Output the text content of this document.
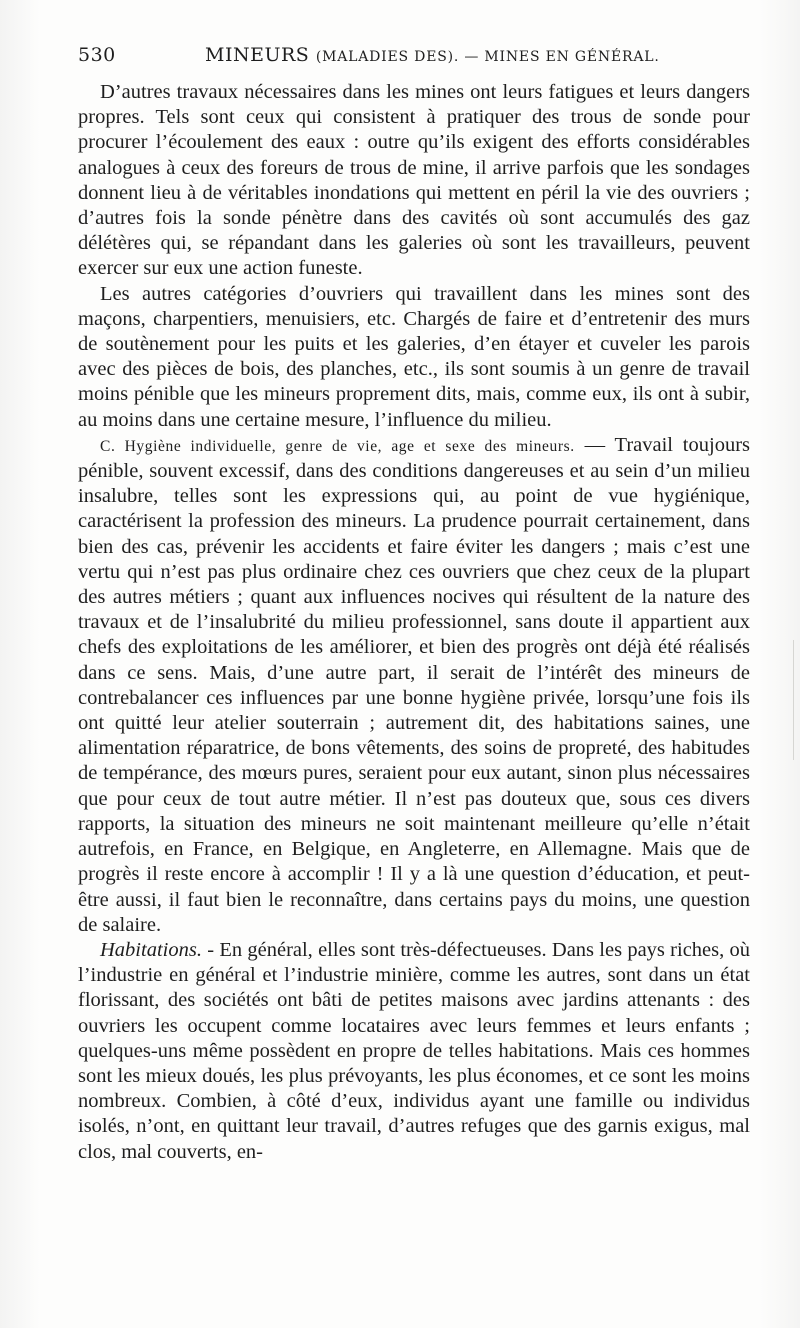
530	MINEURS (MALADIES DES). — MINES EN GÉNÉRAL.

D’autres travaux nécessaires dans les mines ont leurs fatigues et leurs dangers propres. Tels sont ceux qui consistent à pratiquer des trous de sonde pour procurer l’écoulement des eaux : outre qu’ils exigent des efforts considérables analogues à ceux des foreurs de trous de mine, il arrive parfois que les sondages donnent lieu à de véritables inondations qui mettent en péril la vie des ouvriers ; d’autres fois la sonde pénètre dans des cavités où sont accumulés des gaz délétères qui, se répandant dans les galeries où sont les travailleurs, peuvent exercer sur eux une action funeste.

Les autres catégories d’ouvriers qui travaillent dans les mines sont des maçons, charpentiers, menuisiers, etc. Chargés de faire et d’entretenir des murs de soutènement pour les puits et les galeries, d’en étayer et cuveler les parois avec des pièces de bois, des planches, etc., ils sont soumis à un genre de travail moins pénible que les mineurs proprement dits, mais, comme eux, ils ont à subir, au moins dans une certaine mesure, l’influence du milieu.

C. Hygiène individuelle, genre de vie, age et sexe des mineurs. — Travail toujours pénible, souvent excessif, dans des conditions dangereuses et au sein d’un milieu insalubre, telles sont les expressions qui, au point de vue hygiénique, caractérisent la profession des mineurs. La prudence pourrait certainement, dans bien des cas, prévenir les accidents et faire éviter les dangers ; mais c’est une vertu qui n’est pas plus ordinaire chez ces ouvriers que chez ceux de la plupart des autres métiers ; quant aux influences nocives qui résultent de la nature des travaux et de l’insalubrité du milieu professionnel, sans doute il appartient aux chefs des exploitations de les améliorer, et bien des progrès ont déjà été réalisés dans ce sens. Mais, d’une autre part, il serait de l’intérêt des mineurs de contrebalancer ces influences par une bonne hygiène privée, lorsqu’une fois ils ont quitté leur atelier souterrain ; autrement dit, des habitations saines, une alimentation réparatrice, de bons vêtements, des soins de propreté, des habitudes de tempérance, des mœurs pures, seraient pour eux autant, sinon plus nécessaires que pour ceux de tout autre métier. Il n’est pas douteux que, sous ces divers rapports, la situation des mineurs ne soit maintenant meilleure qu’elle n’était autrefois, en France, en Belgique, en Angleterre, en Allemagne. Mais que de progrès il reste encore à accomplir ! Il y a là une question d’éducation, et peut-être aussi, il faut bien le reconnaître, dans certains pays du moins, une question de salaire.

Habitations. - En général, elles sont très-défectueuses. Dans les pays riches, où l’industrie en général et l’industrie minière, comme les autres, sont dans un état florissant, des sociétés ont bâti de petites maisons avec jardins attenants : des ouvriers les occupent comme locataires avec leurs femmes et leurs enfants ; quelques-uns même possèdent en propre de telles habitations. Mais ces hommes sont les mieux doués, les plus prévoyants, les plus économes, et ce sont les moins nombreux. Combien, à côté d’eux, individus ayant une famille ou individus isolés, n’ont, en quittant leur travail, d’autres refuges que des garnis exigus, mal clos, mal couverts, en-
